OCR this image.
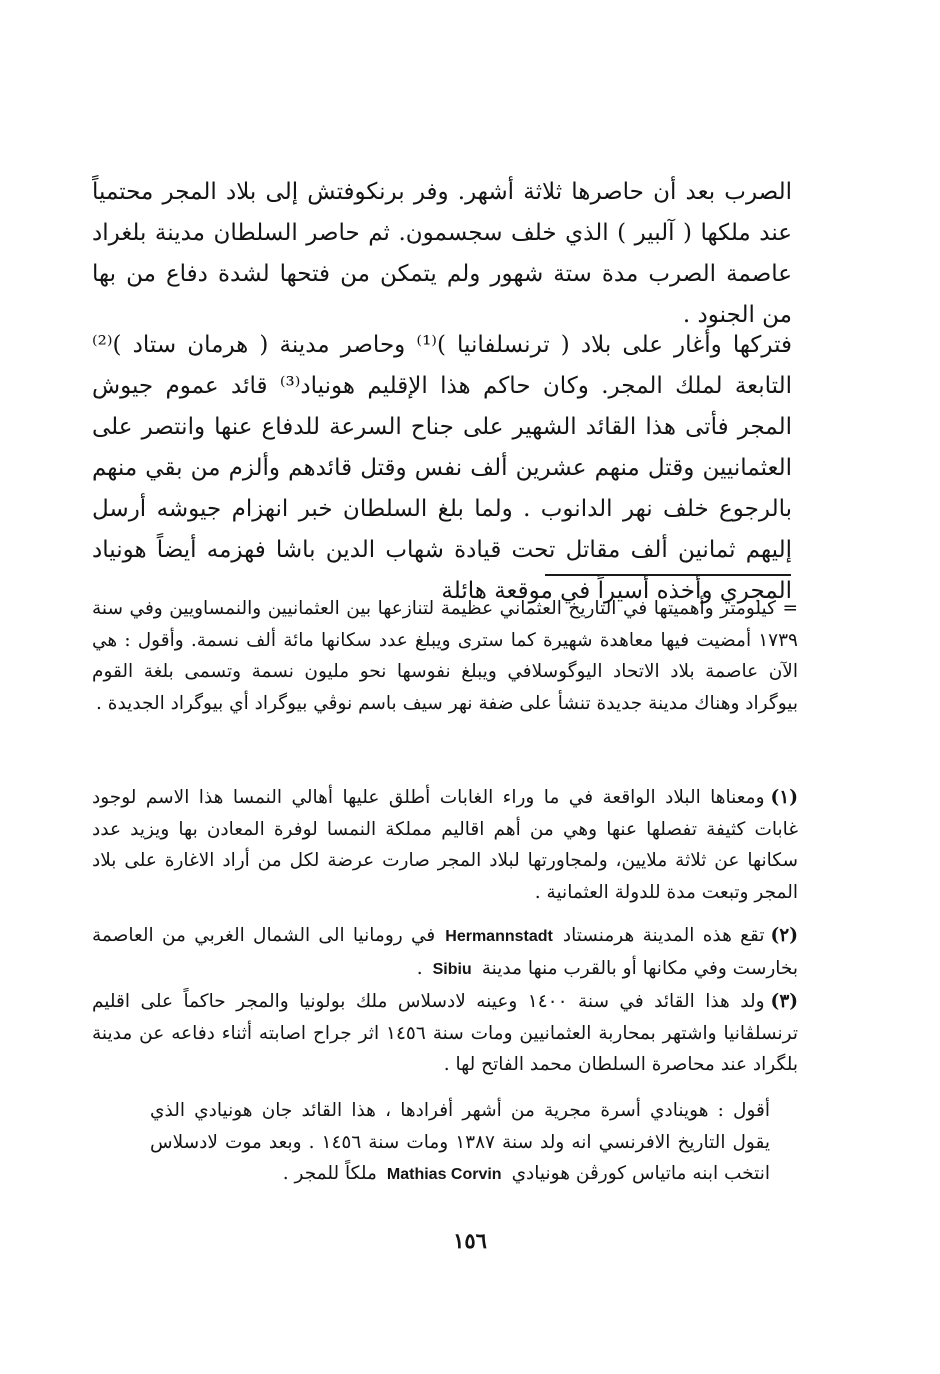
الصرب بعد أن حاصرها ثلاثة أشهر. وفر برنكوفتش إلى بلاد المجر محتمياً عند ملكها ( آلبير ) الذي خلف سجسمون. ثم حاصر السلطان مدينة بلغراد عاصمة الصرب مدة ستة شهور ولم يتمكن من فتحها لشدة دفاع من بها من الجنود .
فتركها وأغار على بلاد ( ترنسلفانيا )⁽¹⁾ وحاصر مدينة ( هرمان ستاد )⁽²⁾ التابعة لملك المجر. وكان حاكم هذا الإقليم هونياد⁽³⁾ قائد عموم جيوش المجر فأتى هذا القائد الشهير على جناح السرعة للدفاع عنها وانتصر على العثمانيين وقتل منهم عشرين ألف نفس وقتل قائدهم وألزم من بقي منهم بالرجوع خلف نهر الدانوب . ولما بلغ السلطان خبر انهزام جيوشه أرسل إليهم ثمانين ألف مقاتل تحت قيادة شهاب الدين باشا فهزمه أيضاً هونياد المجري وأخذه أسيراً في موقعة هائلة
= كيلومتر وأهميتها في التاريخ العثماني عظيمة لتنازعها بين العثمانيين والنمساويين وفي سنة ١٧٣٩ أمضيت فيها معاهدة شهيرة كما سترى ويبلغ عدد سكانها مائة ألف نسمة. وأقول : هي الآن عاصمة بلاد الاتحاد اليوگوسلافي ويبلغ نفوسها نحو مليون نسمة وتسمى بلغة القوم بيوگراد وهناك مدينة جديدة تنشأ على ضفة نهر سيف باسم نوڤي بيوگراد أي بيوگراد الجديدة .
(١)ومعناها البلاد الواقعة في ما وراء الغابات أطلق عليها أهالي النمسا هذا الاسم لوجود غابات كثيفة تفصلها عنها وهي من أهم اقاليم مملكة النمسا لوفرة المعادن بها ويزيد عدد سكانها عن ثلاثة ملايين، ولمجاورتها لبلاد المجر صارت عرضة لكل من أراد الاغارة على بلاد المجر وتبعت مدة للدولة العثمانية .
(٢)تقع هذه المدينة هرمنستادHermannstadtفي رومانيا الى الشمال الغربي من العاصمة بخارست وفي مكانها أو بالقرب منها مدينةSibiu.
(٣)ولد هذا القائد في سنة ١٤٠٠ وعينه لادسلاس ملك بولونيا والمجر حاكماً على اقليم ترنسلڤانيا واشتهر بمحاربة العثمانيين ومات سنة ١٤٥٦ اثر جراح اصابته أثناء دفاعه عن مدينة بلگراد عند محاصرة السلطان محمد الفاتح لها .
أقول : هوينادي أسرة مجرية من أشهر أفرادها ، هذا القائد جان هونيادي الذي يقول التاريخ الافرنسي انه ولد سنة ١٣٨٧ ومات سنة ١٤٥٦ . وبعد موت لادسلاس انتخب ابنه ماتياس كورڤن هونياديMathias Corvinملكاً للمجر .
١٥٦
